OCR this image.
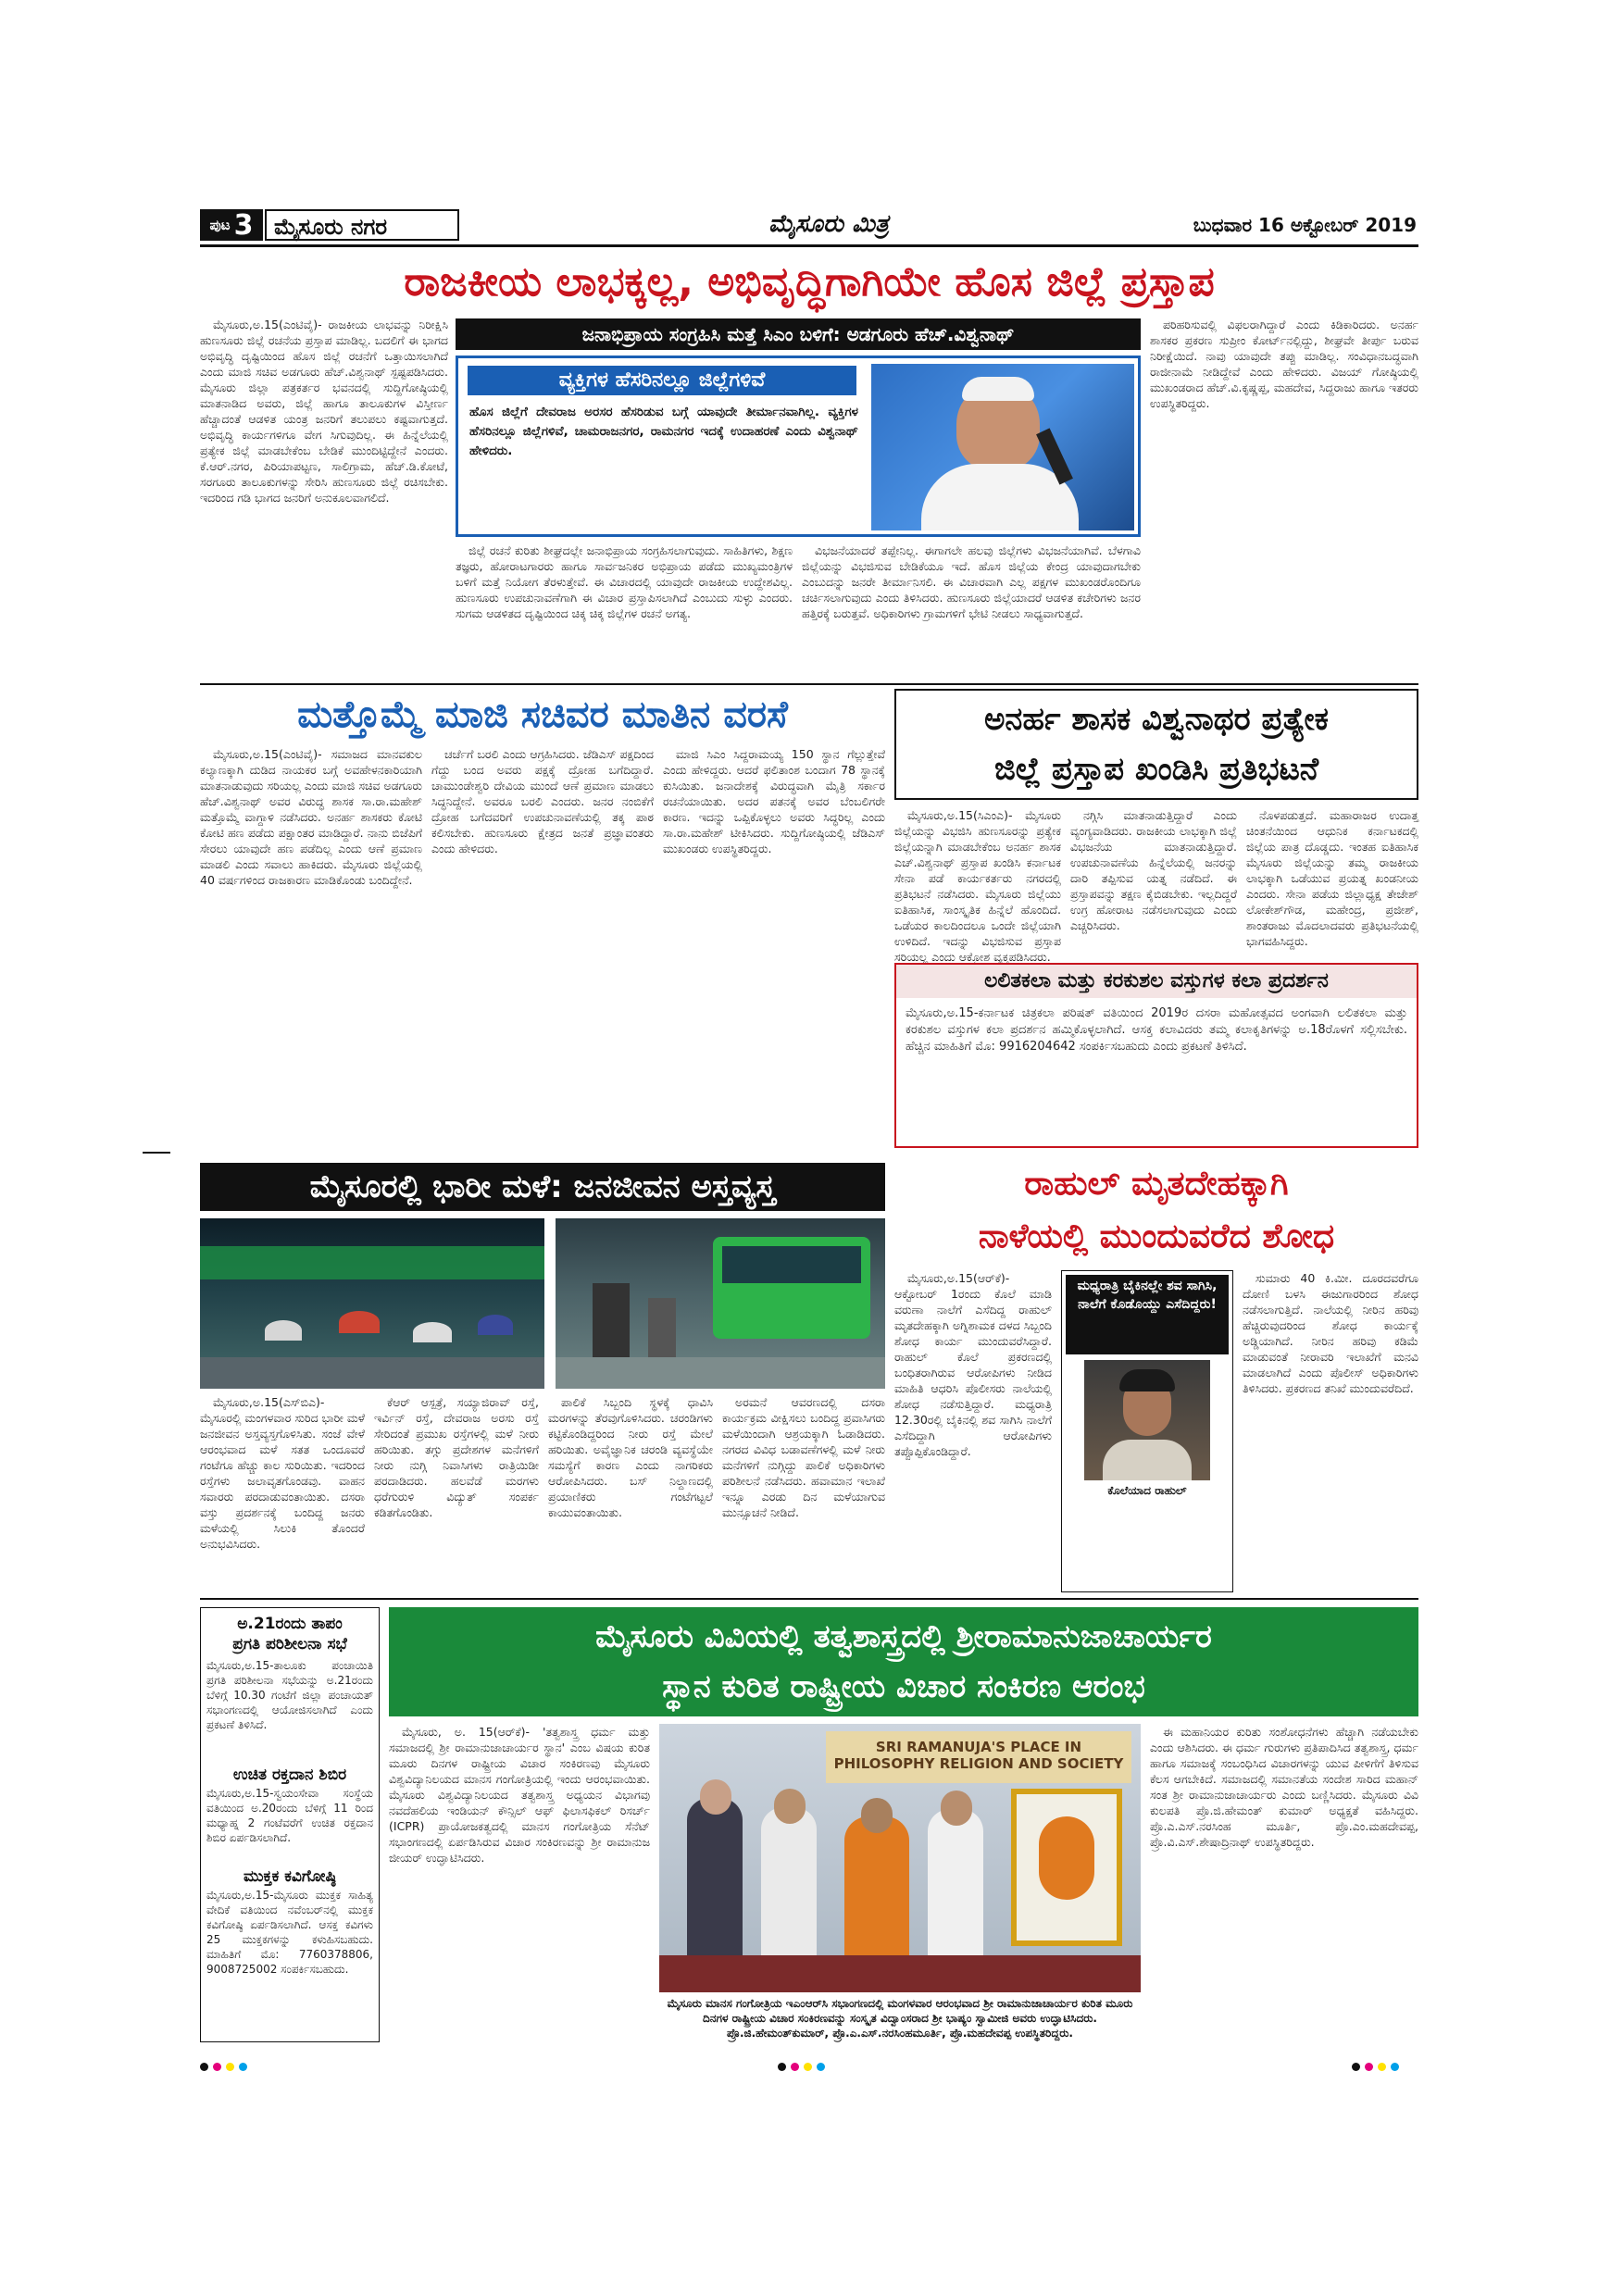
ಪುಟ 3 ಮೈಸೂರು ನಗರ	ಮೈಸೂರು ಮಿತ್ರ	ಬುಧವಾರ 16 ಅಕ್ಟೋಬರ್ 2019
ರಾಜಕೀಯ ಲಾಭಕ್ಕಲ್ಲ, ಅಭಿವೃದ್ಧಿಗಾಗಿಯೇ ಹೊಸ ಜಿಲ್ಲೆ ಪ್ರಸ್ತಾಪ

ಮೈಸೂರು,ಅ.15(ಎಂಟಿವೈ)- ರಾಜಕೀಯ ಲಾಭವನ್ನು ನಿರೀಕ್ಷಿಸಿ ಹುಣಸೂರು ಜಿಲ್ಲೆ ರಚನೆಯ ಪ್ರಸ್ತಾಪ ಮಾಡಿಲ್ಲ. ಬದಲಿಗೆ ಈ ಭಾಗದ ಅಭಿವೃದ್ಧಿ ದೃಷ್ಟಿಯಿಂದ ಹೊಸ ಜಿಲ್ಲೆ ರಚನೆಗೆ ಒತ್ತಾಯಿಸಲಾಗಿದೆ ಎಂದು ಮಾಜಿ ಸಚಿವ ಅಡಗೂರು ಹೆಚ್.ವಿಶ್ವನಾಥ್ ಸ್ಪಷ್ಟಪಡಿಸಿದರು. ಮೈಸೂರು ಜಿಲ್ಲಾ ಪತ್ರಕರ್ತರ ಭವನದಲ್ಲಿ ಸುದ್ದಿಗೋಷ್ಠಿಯಲ್ಲಿ ಮಾತನಾಡಿದ ಅವರು, ಜಿಲ್ಲೆ ಹಾಗೂ ತಾಲೂಕುಗಳ ವಿಸ್ತೀರ್ಣ ಹೆಚ್ಚಾದಂತೆ ಆಡಳಿತ ಯಂತ್ರ ಜನರಿಗೆ ತಲುಪಲು ಕಷ್ಟವಾಗುತ್ತದೆ. ಅಭಿವೃದ್ಧಿ ಕಾರ್ಯಗಳಿಗೂ ವೇಗ ಸಿಗುವುದಿಲ್ಲ. ಈ ಹಿನ್ನೆಲೆಯಲ್ಲಿ ಪ್ರತ್ಯೇಕ ಜಿಲ್ಲೆ ಮಾಡಬೇಕೆಂಬ ಬೇಡಿಕೆ ಮುಂದಿಟ್ಟಿದ್ದೇನೆ ಎಂದರು. ಕೆ.ಆರ್.ನಗರ, ಪಿರಿಯಾಪಟ್ಟಣ, ಸಾಲಿಗ್ರಾಮ, ಹೆಚ್.ಡಿ.ಕೋಟೆ, ಸರಗೂರು ತಾಲೂಕುಗಳನ್ನು ಸೇರಿಸಿ ಹುಣಸೂರು ಜಿಲ್ಲೆ ರಚಿಸಬೇಕು. ಇದರಿಂದ ಗಡಿ ಭಾಗದ ಜನರಿಗೆ ಅನುಕೂಲವಾಗಲಿದೆ.

ಜನಾಭಿಪ್ರಾಯ ಸಂಗ್ರಹಿಸಿ ಮತ್ತೆ ಸಿಎಂ ಬಳಿಗೆ: ಅಡಗೂರು ಹೆಚ್.ವಿಶ್ವನಾಥ್
ವ್ಯಕ್ತಿಗಳ ಹೆಸರಿನಲ್ಲೂ ಜಿಲ್ಲೆಗಳಿವೆ
ಹೊಸ ಜಿಲ್ಲೆಗೆ ದೇವರಾಜ ಅರಸರ ಹೆಸರಿಡುವ ಬಗ್ಗೆ ಯಾವುದೇ ತೀರ್ಮಾನವಾಗಿಲ್ಲ. ವ್ಯಕ್ತಿಗಳ ಹೆಸರಿನಲ್ಲೂ ಜಿಲ್ಲೆಗಳಿವೆ, ಚಾಮರಾಜನಗರ, ರಾಮನಗರ ಇದಕ್ಕೆ ಉದಾಹರಣೆ ಎಂದು ವಿಶ್ವನಾಥ್ ಹೇಳಿದರು.

ಜಿಲ್ಲೆ ರಚನೆ ಕುರಿತು ಶೀಘ್ರದಲ್ಲೇ ಜನಾಭಿಪ್ರಾಯ ಸಂಗ್ರಹಿಸಲಾಗುವುದು. ಸಾಹಿತಿಗಳು, ಶಿಕ್ಷಣ ತಜ್ಞರು, ಹೋರಾಟಗಾರರು ಹಾಗೂ ಸಾರ್ವಜನಿಕರ ಅಭಿಪ್ರಾಯ ಪಡೆದು ಮುಖ್ಯಮಂತ್ರಿಗಳ ಬಳಿಗೆ ಮತ್ತೆ ನಿಯೋಗ ತೆರಳುತ್ತೇವೆ. ಈ ವಿಚಾರದಲ್ಲಿ ಯಾವುದೇ ರಾಜಕೀಯ ಉದ್ದೇಶವಿಲ್ಲ. ಹುಣಸೂರು ಉಪಚುನಾವಣೆಗಾಗಿ ಈ ವಿಚಾರ ಪ್ರಸ್ತಾಪಿಸಲಾಗಿದೆ ಎಂಬುದು ಸುಳ್ಳು ಎಂದರು. ಸುಗಮ ಆಡಳಿತದ ದೃಷ್ಟಿಯಿಂದ ಚಿಕ್ಕ ಚಿಕ್ಕ ಜಿಲ್ಲೆಗಳ ರಚನೆ ಅಗತ್ಯ.

ವಿಭಜನೆಯಾದರೆ ತಪ್ಪೇನಿಲ್ಲ. ಈಗಾಗಲೇ ಹಲವು ಜಿಲ್ಲೆಗಳು ವಿಭಜನೆಯಾಗಿವೆ. ಬೆಳಗಾವಿ ಜಿಲ್ಲೆಯನ್ನು ವಿಭಜಿಸುವ ಬೇಡಿಕೆಯೂ ಇದೆ. ಹೊಸ ಜಿಲ್ಲೆಯ ಕೇಂದ್ರ ಯಾವುದಾಗಬೇಕು ಎಂಬುದನ್ನು ಜನರೇ ತೀರ್ಮಾನಿಸಲಿ. ಈ ವಿಚಾರವಾಗಿ ಎಲ್ಲ ಪಕ್ಷಗಳ ಮುಖಂಡರೊಂದಿಗೂ ಚರ್ಚಿಸಲಾಗುವುದು ಎಂದು ತಿಳಿಸಿದರು. ಹುಣಸೂರು ಜಿಲ್ಲೆಯಾದರೆ ಆಡಳಿತ ಕಚೇರಿಗಳು ಜನರ ಹತ್ತಿರಕ್ಕೆ ಬರುತ್ತವೆ. ಅಧಿಕಾರಿಗಳು ಗ್ರಾಮಗಳಿಗೆ ಭೇಟಿ ನೀಡಲು ಸಾಧ್ಯವಾಗುತ್ತದೆ.

ಪರಿಹರಿಸುವಲ್ಲಿ ವಿಫಲರಾಗಿದ್ದಾರೆ ಎಂದು ಕಿಡಿಕಾರಿದರು. ಅನರ್ಹ ಶಾಸಕರ ಪ್ರಕರಣ ಸುಪ್ರೀಂ ಕೋರ್ಟ್‌ನಲ್ಲಿದ್ದು, ಶೀಘ್ರವೇ ತೀರ್ಪು ಬರುವ ನಿರೀಕ್ಷೆಯಿದೆ. ನಾವು ಯಾವುದೇ ತಪ್ಪು ಮಾಡಿಲ್ಲ. ಸಂವಿಧಾನಬದ್ಧವಾಗಿ ರಾಜೀನಾಮೆ ನೀಡಿದ್ದೇವೆ ಎಂದು ಹೇಳಿದರು. ವಿಜಯ್ ಗೋಷ್ಠಿಯಲ್ಲಿ ಮುಖಂಡರಾದ ಹೆಚ್.ವಿ.ಕೃಷ್ಣಪ್ಪ, ಮಹದೇವ, ಸಿದ್ದರಾಜು ಹಾಗೂ ಇತರರು ಉಪಸ್ಥಿತರಿದ್ದರು.

ಮತ್ತೊಮ್ಮೆ ಮಾಜಿ ಸಚಿವರ ಮಾತಿನ ವರಸೆ

ಮೈಸೂರು,ಅ.15(ಎಂಟಿವೈ)- ಸಮಾಜದ ಮಾನವಕುಲ ಕಲ್ಯಾಣಕ್ಕಾಗಿ ದುಡಿದ ನಾಯಕರ ಬಗ್ಗೆ ಅವಹೇಳನಕಾರಿಯಾಗಿ ಮಾತನಾಡುವುದು ಸರಿಯಲ್ಲ ಎಂದು ಮಾಜಿ ಸಚಿವ ಅಡಗೂರು ಹೆಚ್.ವಿಶ್ವನಾಥ್ ಅವರ ವಿರುದ್ಧ ಶಾಸಕ ಸಾ.ರಾ.ಮಹೇಶ್ ಮತ್ತೊಮ್ಮೆ ವಾಗ್ದಾಳಿ ನಡೆಸಿದರು. ಅನರ್ಹ ಶಾಸಕರು ಕೋಟಿ ಕೋಟಿ ಹಣ ಪಡೆದು ಪಕ್ಷಾಂತರ ಮಾಡಿದ್ದಾರೆ. ನಾನು ಬಿಜೆಪಿಗೆ ಸೇರಲು ಯಾವುದೇ ಹಣ ಪಡೆದಿಲ್ಲ ಎಂದು ಆಣೆ ಪ್ರಮಾಣ ಮಾಡಲಿ ಎಂದು ಸವಾಲು ಹಾಕಿದರು. ಮೈಸೂರು ಜಿಲ್ಲೆಯಲ್ಲಿ 40 ವರ್ಷಗಳಿಂದ ರಾಜಕಾರಣ ಮಾಡಿಕೊಂಡು ಬಂದಿದ್ದೇನೆ.

ಚರ್ಚೆಗೆ ಬರಲಿ ಎಂದು ಆಗ್ರಹಿಸಿದರು. ಜೆಡಿಎಸ್ ಪಕ್ಷದಿಂದ ಗೆದ್ದು ಬಂದ ಅವರು ಪಕ್ಷಕ್ಕೆ ದ್ರೋಹ ಬಗೆದಿದ್ದಾರೆ. ಚಾಮುಂಡೇಶ್ವರಿ ದೇವಿಯ ಮುಂದೆ ಆಣೆ ಪ್ರಮಾಣ ಮಾಡಲು ಸಿದ್ಧನಿದ್ದೇನೆ. ಅವರೂ ಬರಲಿ ಎಂದರು. ಜನರ ನಂಬಿಕೆಗೆ ದ್ರೋಹ ಬಗೆದವರಿಗೆ ಉಪಚುನಾವಣೆಯಲ್ಲಿ ತಕ್ಕ ಪಾಠ ಕಲಿಸಬೇಕು. ಹುಣಸೂರು ಕ್ಷೇತ್ರದ ಜನತೆ ಪ್ರಜ್ಞಾವಂತರು ಎಂದು ಹೇಳಿದರು.

ಮಾಜಿ ಸಿಎಂ ಸಿದ್ದರಾಮಯ್ಯ 150 ಸ್ಥಾನ ಗೆಲ್ಲುತ್ತೇವೆ ಎಂದು ಹೇಳಿದ್ದರು. ಆದರೆ ಫಲಿತಾಂಶ ಬಂದಾಗ 78 ಸ್ಥಾನಕ್ಕೆ ಕುಸಿಯಿತು. ಜನಾದೇಶಕ್ಕೆ ವಿರುದ್ಧವಾಗಿ ಮೈತ್ರಿ ಸರ್ಕಾರ ರಚನೆಯಾಯಿತು. ಅದರ ಪತನಕ್ಕೆ ಅವರ ಬೆಂಬಲಿಗರೇ ಕಾರಣ. ಇದನ್ನು ಒಪ್ಪಿಕೊಳ್ಳಲು ಅವರು ಸಿದ್ಧರಿಲ್ಲ ಎಂದು ಸಾ.ರಾ.ಮಹೇಶ್ ಟೀಕಿಸಿದರು. ಸುದ್ದಿಗೋಷ್ಠಿಯಲ್ಲಿ ಜೆಡಿಎಸ್ ಮುಖಂಡರು ಉಪಸ್ಥಿತರಿದ್ದರು.

ಅನರ್ಹ ಶಾಸಕ ವಿಶ್ವನಾಥರ ಪ್ರತ್ಯೇಕ
ಜಿಲ್ಲೆ ಪ್ರಸ್ತಾಪ ಖಂಡಿಸಿ ಪ್ರತಿಭಟನೆ

ಮೈಸೂರು,ಅ.15(ಸಿಎಂಎ)- ಮೈಸೂರು ಜಿಲ್ಲೆಯನ್ನು ವಿಭಜಿಸಿ ಹುಣಸೂರನ್ನು ಪ್ರತ್ಯೇಕ ಜಿಲ್ಲೆಯನ್ನಾಗಿ ಮಾಡಬೇಕೆಂಬ ಅನರ್ಹ ಶಾಸಕ ಎಚ್.ವಿಶ್ವನಾಥ್ ಪ್ರಸ್ತಾಪ ಖಂಡಿಸಿ ಕರ್ನಾಟಕ ಸೇನಾ ಪಡೆ ಕಾರ್ಯಕರ್ತರು ನಗರದಲ್ಲಿ ಪ್ರತಿಭಟನೆ ನಡೆಸಿದರು. ಮೈಸೂರು ಜಿಲ್ಲೆಯು ಐತಿಹಾಸಿಕ, ಸಾಂಸ್ಕೃತಿಕ ಹಿನ್ನೆಲೆ ಹೊಂದಿದೆ. ಒಡೆಯರ ಕಾಲದಿಂದಲೂ ಒಂದೇ ಜಿಲ್ಲೆಯಾಗಿ ಉಳಿದಿದೆ. ಇದನ್ನು ವಿಭಜಿಸುವ ಪ್ರಸ್ತಾಪ ಸರಿಯಲ್ಲ ಎಂದು ಆಕ್ರೋಶ ವ್ಯಕ್ತಪಡಿಸಿದರು.

ನಗ್ಗಿಸಿ ಮಾತನಾಡುತ್ತಿದ್ದಾರೆ ಎಂದು ವ್ಯಂಗ್ಯವಾಡಿದರು. ರಾಜಕೀಯ ಲಾಭಕ್ಕಾಗಿ ಜಿಲ್ಲೆ ವಿಭಜನೆಯ ಮಾತನಾಡುತ್ತಿದ್ದಾರೆ. ಉಪಚುನಾವಣೆಯ ಹಿನ್ನೆಲೆಯಲ್ಲಿ ಜನರನ್ನು ದಾರಿ ತಪ್ಪಿಸುವ ಯತ್ನ ನಡೆದಿದೆ. ಈ ಪ್ರಸ್ತಾಪವನ್ನು ತಕ್ಷಣ ಕೈಬಿಡಬೇಕು. ಇಲ್ಲದಿದ್ದರೆ ಉಗ್ರ ಹೋರಾಟ ನಡೆಸಲಾಗುವುದು ಎಂದು ಎಚ್ಚರಿಸಿದರು.

ನೊಳಪಡುತ್ತದೆ. ಮಹಾರಾಜರ ಉದಾತ್ತ ಚಿಂತನೆಯಿಂದ ಆಧುನಿಕ ಕರ್ನಾಟಕದಲ್ಲಿ ಜಿಲ್ಲೆಯ ಪಾತ್ರ ದೊಡ್ಡದು. ಇಂತಹ ಐತಿಹಾಸಿಕ ಮೈಸೂರು ಜಿಲ್ಲೆಯನ್ನು ತಮ್ಮ ರಾಜಕೀಯ ಲಾಭಕ್ಕಾಗಿ ಒಡೆಯುವ ಪ್ರಯತ್ನ ಖಂಡನೀಯ ಎಂದರು. ಸೇನಾ ಪಡೆಯ ಜಿಲ್ಲಾಧ್ಯಕ್ಷ ತೇಜೇಶ್ ಲೋಕೇಶ್‌ಗೌಡ, ಮಹೇಂದ್ರ, ಪ್ರಜೀಶ್, ಶಾಂತರಾಜು ಮೊದಲಾದವರು ಪ್ರತಿಭಟನೆಯಲ್ಲಿ ಭಾಗವಹಿಸಿದ್ದರು.

ಲಲಿತಕಲಾ ಮತ್ತು ಕರಕುಶಲ ವಸ್ತುಗಳ ಕಲಾ ಪ್ರದರ್ಶನ
ಮೈಸೂರು,ಅ.15-ಕರ್ನಾಟಕ ಚಿತ್ರಕಲಾ ಪರಿಷತ್ ವತಿಯಿಂದ 2019ರ ದಸರಾ ಮಹೋತ್ಸವದ ಅಂಗವಾಗಿ ಲಲಿತಕಲಾ ಮತ್ತು ಕರಕುಶಲ ವಸ್ತುಗಳ ಕಲಾ ಪ್ರದರ್ಶನ ಹಮ್ಮಿಕೊಳ್ಳಲಾಗಿದೆ. ಆಸಕ್ತ ಕಲಾವಿದರು ತಮ್ಮ ಕಲಾಕೃತಿಗಳನ್ನು ಅ.18ರೊಳಗೆ ಸಲ್ಲಿಸಬೇಕು. ಹೆಚ್ಚಿನ ಮಾಹಿತಿಗೆ ಮೊ: 9916204642 ಸಂಪರ್ಕಿಸಬಹುದು ಎಂದು ಪ್ರಕಟಣೆ ತಿಳಿಸಿದೆ.
ಮೈಸೂರಲ್ಲಿ ಭಾರೀ ಮಳೆ: ಜನಜೀವನ ಅಸ್ತವ್ಯಸ್ತ

ಮೈಸೂರು,ಅ.15(ಎಸ್‌ಬಿಎ)- ಮೈಸೂರಲ್ಲಿ ಮಂಗಳವಾರ ಸುರಿದ ಭಾರೀ ಮಳೆ ಜನಜೀವನ ಅಸ್ತವ್ಯಸ್ತಗೊಳಿಸಿತು. ಸಂಜೆ ವೇಳೆ ಆರಂಭವಾದ ಮಳೆ ಸತತ ಒಂದೂವರೆ ಗಂಟೆಗೂ ಹೆಚ್ಚು ಕಾಲ ಸುರಿಯಿತು. ಇದರಿಂದ ರಸ್ತೆಗಳು ಜಲಾವೃತಗೊಂಡವು. ವಾಹನ ಸವಾರರು ಪರದಾಡುವಂತಾಯಿತು. ದಸರಾ ವಸ್ತು ಪ್ರದರ್ಶನಕ್ಕೆ ಬಂದಿದ್ದ ಜನರು ಮಳೆಯಲ್ಲಿ ಸಿಲುಕಿ ತೊಂದರೆ ಅನುಭವಿಸಿದರು.

ಕೆಆರ್ ಆಸ್ಪತ್ರೆ, ಸಯ್ಯಾಜಿರಾವ್ ರಸ್ತೆ, ಇರ್ವಿನ್ ರಸ್ತೆ, ದೇವರಾಜ ಅರಸು ರಸ್ತೆ ಸೇರಿದಂತೆ ಪ್ರಮುಖ ರಸ್ತೆಗಳಲ್ಲಿ ಮಳೆ ನೀರು ಹರಿಯಿತು. ತಗ್ಗು ಪ್ರದೇಶಗಳ ಮನೆಗಳಿಗೆ ನೀರು ನುಗ್ಗಿ ನಿವಾಸಿಗಳು ರಾತ್ರಿಯಿಡೀ ಪರದಾಡಿದರು. ಹಲವೆಡೆ ಮರಗಳು ಧರೆಗುರುಳಿ ವಿದ್ಯುತ್ ಸಂಪರ್ಕ ಕಡಿತಗೊಂಡಿತು.

ಪಾಲಿಕೆ ಸಿಬ್ಬಂದಿ ಸ್ಥಳಕ್ಕೆ ಧಾವಿಸಿ ಮರಗಳನ್ನು ತೆರವುಗೊಳಿಸಿದರು. ಚರಂಡಿಗಳು ಕಟ್ಟಿಕೊಂಡಿದ್ದರಿಂದ ನೀರು ರಸ್ತೆ ಮೇಲೆ ಹರಿಯಿತು. ಅವೈಜ್ಞಾನಿಕ ಚರಂಡಿ ವ್ಯವಸ್ಥೆಯೇ ಸಮಸ್ಯೆಗೆ ಕಾರಣ ಎಂದು ನಾಗರಿಕರು ಆರೋಪಿಸಿದರು. ಬಸ್ ನಿಲ್ದಾಣದಲ್ಲಿ ಪ್ರಯಾಣಿಕರು ಗಂಟೆಗಟ್ಟಲೆ ಕಾಯುವಂತಾಯಿತು.

ಅರಮನೆ ಆವರಣದಲ್ಲಿ ದಸರಾ ಕಾರ್ಯಕ್ರಮ ವೀಕ್ಷಿಸಲು ಬಂದಿದ್ದ ಪ್ರವಾಸಿಗರು ಮಳೆಯಿಂದಾಗಿ ಆಶ್ರಯಕ್ಕಾಗಿ ಓಡಾಡಿದರು. ನಗರದ ವಿವಿಧ ಬಡಾವಣೆಗಳಲ್ಲಿ ಮಳೆ ನೀರು ಮನೆಗಳಿಗೆ ನುಗ್ಗಿದ್ದು ಪಾಲಿಕೆ ಅಧಿಕಾರಿಗಳು ಪರಿಶೀಲನೆ ನಡೆಸಿದರು. ಹವಾಮಾನ ಇಲಾಖೆ ಇನ್ನೂ ಎರಡು ದಿನ ಮಳೆಯಾಗುವ ಮುನ್ಸೂಚನೆ ನೀಡಿದೆ.

ರಾಹುಲ್ ಮೃತದೇಹಕ್ಕಾಗಿ
ನಾಳೆಯಲ್ಲಿ ಮುಂದುವರೆದ ಶೋಧ

ಮೈಸೂರು,ಅ.15(ಆರ್‌ಕೆ)- ಆಕ್ಟೋಬರ್ 1ರಂದು ಕೊಲೆ ಮಾಡಿ ವರುಣಾ ನಾಲೆಗೆ ಎಸೆದಿದ್ದ ರಾಹುಲ್ ಮೃತದೇಹಕ್ಕಾಗಿ ಅಗ್ನಿಶಾಮಕ ದಳದ ಸಿಬ್ಬಂದಿ ಶೋಧ ಕಾರ್ಯ ಮುಂದುವರೆಸಿದ್ದಾರೆ. ರಾಹುಲ್ ಕೊಲೆ ಪ್ರಕರಣದಲ್ಲಿ ಬಂಧಿತರಾಗಿರುವ ಆರೋಪಿಗಳು ನೀಡಿದ ಮಾಹಿತಿ ಆಧರಿಸಿ ಪೊಲೀಸರು ನಾಲೆಯಲ್ಲಿ ಶೋಧ ನಡೆಸುತ್ತಿದ್ದಾರೆ. ಮಧ್ಯರಾತ್ರಿ 12.30ರಲ್ಲಿ ಬೈಕಿನಲ್ಲಿ ಶವ ಸಾಗಿಸಿ ನಾಲೆಗೆ ಎಸೆದಿದ್ದಾಗಿ ಆರೋಪಿಗಳು ತಪ್ಪೊಪ್ಪಿಕೊಂಡಿದ್ದಾರೆ.

ಮಧ್ಯರಾತ್ರಿ ಬೈಕಿನಲ್ಲೇ ಶವ ಸಾಗಿಸಿ, ನಾಲೆಗೆ ಕೊಡೊಯ್ದು ಎಸೆದಿದ್ದರು!
ಕೊಲೆಯಾದ ರಾಹುಲ್

ಸುಮಾರು 40 ಕಿ.ಮೀ. ದೂರದವರೆಗೂ ದೋಣಿ ಬಳಸಿ ಈಜುಗಾರರಿಂದ ಶೋಧ ನಡೆಸಲಾಗುತ್ತಿದೆ. ನಾಲೆಯಲ್ಲಿ ನೀರಿನ ಹರಿವು ಹೆಚ್ಚಿರುವುದರಿಂದ ಶೋಧ ಕಾರ್ಯಕ್ಕೆ ಅಡ್ಡಿಯಾಗಿದೆ. ನೀರಿನ ಹರಿವು ಕಡಿಮೆ ಮಾಡುವಂತೆ ನೀರಾವರಿ ಇಲಾಖೆಗೆ ಮನವಿ ಮಾಡಲಾಗಿದೆ ಎಂದು ಪೊಲೀಸ್ ಅಧಿಕಾರಿಗಳು ತಿಳಿಸಿದರು. ಪ್ರಕರಣದ ತನಿಖೆ ಮುಂದುವರೆದಿದೆ.

ಅ.21ರಂದು ತಾಪಂ
ಪ್ರಗತಿ ಪರಿಶೀಲನಾ ಸಭೆ
ಮೈಸೂರು,ಅ.15-ತಾಲೂಕು ಪಂಚಾಯಿತಿ ಪ್ರಗತಿ ಪರಿಶೀಲನಾ ಸಭೆಯನ್ನು ಅ.21ರಂದು ಬೆಳಿಗ್ಗೆ 10.30 ಗಂಟೆಗೆ ಜಿಲ್ಲಾ ಪಂಚಾಯತ್ ಸಭಾಂಗಣದಲ್ಲಿ ಆಯೋಜಿಸಲಾಗಿದೆ ಎಂದು ಪ್ರಕಟಣೆ ತಿಳಿಸಿದೆ.
ಉಚಿತ ರಕ್ತದಾನ ಶಿಬಿರ
ಮೈಸೂರು,ಅ.15-ಸ್ವಯಂಸೇವಾ ಸಂಸ್ಥೆಯ ವತಿಯಿಂದ ಅ.20ರಂದು ಬೆಳಿಗ್ಗೆ 11 ರಿಂದ ಮಧ್ಯಾಹ್ನ 2 ಗಂಟೆವರೆಗೆ ಉಚಿತ ರಕ್ತದಾನ ಶಿಬಿರ ಏರ್ಪಡಿಸಲಾಗಿದೆ.
ಮುಕ್ತಕ ಕವಿಗೋಷ್ಠಿ
ಮೈಸೂರು,ಅ.15-ಮೈಸೂರು ಮುಕ್ತಕ ಸಾಹಿತ್ಯ ವೇದಿಕೆ ವತಿಯಿಂದ ನವೆಂಬರ್‌ನಲ್ಲಿ ಮುಕ್ತಕ ಕವಿಗೋಷ್ಠಿ ಏರ್ಪಡಿಸಲಾಗಿದೆ. ಆಸಕ್ತ ಕವಿಗಳು 25 ಮುಕ್ತಕಗಳನ್ನು ಕಳುಹಿಸಬಹುದು. ಮಾಹಿತಿಗೆ ಮೊ: 7760378806, 9008725002 ಸಂಪರ್ಕಿಸಬಹುದು.
ಮೈಸೂರು ವಿವಿಯಲ್ಲಿ ತತ್ವಶಾಸ್ತ್ರದಲ್ಲಿ ಶ್ರೀರಾಮಾನುಜಾಚಾರ್ಯರ
ಸ್ಥಾನ ಕುರಿತ ರಾಷ್ಟ್ರೀಯ ವಿಚಾರ ಸಂಕಿರಣ ಆರಂಭ

ಮೈಸೂರು, ಅ. 15(ಆರ್‌ಕೆ)- 'ತತ್ವಶಾಸ್ತ್ರ ಧರ್ಮ ಮತ್ತು ಸಮಾಜದಲ್ಲಿ ಶ್ರೀ ರಾಮಾನುಜಾಚಾರ್ಯರ ಸ್ಥಾನ' ಎಂಬ ವಿಷಯ ಕುರಿತ ಮೂರು ದಿನಗಳ ರಾಷ್ಟ್ರೀಯ ವಿಚಾರ ಸಂಕಿರಣವು ಮೈಸೂರು ವಿಶ್ವವಿದ್ಯಾನಿಲಯದ ಮಾನಸ ಗಂಗೋತ್ರಿಯಲ್ಲಿ ಇಂದು ಆರಂಭವಾಯಿತು. ಮೈಸೂರು ವಿಶ್ವವಿದ್ಯಾನಿಲಯದ ತತ್ವಶಾಸ್ತ್ರ ಅಧ್ಯಯನ ವಿಭಾಗವು ನವದೆಹಲಿಯ ಇಂಡಿಯನ್ ಕೌನ್ಸಿಲ್ ಆಫ್ ಫಿಲಾಸಫಿಕಲ್ ರಿಸರ್ಚ್ (ICPR) ಪ್ರಾಯೋಜಕತ್ವದಲ್ಲಿ ಮಾನಸ ಗಂಗೋತ್ರಿಯ ಸೆನೆಟ್ ಸಭಾಂಗಣದಲ್ಲಿ ಏರ್ಪಡಿಸಿರುವ ವಿಚಾರ ಸಂಕಿರಣವನ್ನು ಶ್ರೀ ರಾಮಾನುಜ ಜೀಯರ್ ಉದ್ಘಾಟಿಸಿದರು.

SRI RAMANUJA'S PLACE IN PHILOSOPHY RELIGION AND SOCIETY
ಮೈಸೂರು ಮಾನಸ ಗಂಗೋತ್ರಿಯ ಇಎಂಆರ್‌ಸಿ ಸಭಾಂಗಣದಲ್ಲಿ ಮಂಗಳವಾರ ಆರಂಭವಾದ ಶ್ರೀ ರಾಮಾನುಜಾಚಾರ್ಯರ ಕುರಿತ ಮೂರು ದಿನಗಳ ರಾಷ್ಟ್ರೀಯ ವಿಚಾರ ಸಂಕಿರಣವನ್ನು ಸಂಸ್ಕೃತ ವಿದ್ವಾಂಸರಾದ ಶ್ರೀ ಭಾಷ್ಯಂ ಸ್ವಾಮೀಜಿ ಅವರು ಉದ್ಘಾಟಿಸಿದರು. ಪ್ರೊ.ಜಿ.ಹೇಮಂತ್‌ಕುಮಾರ್, ಪ್ರೊ.ಎ.ಎಸ್.ನರಸಿಂಹಮೂರ್ತಿ, ಪ್ರೊ.ಮಹದೇವಪ್ಪ ಉಪಸ್ಥಿತರಿದ್ದರು.

ಈ ಮಹಾನಿಯರ ಕುರಿತು ಸಂಶೋಧನೆಗಳು ಹೆಚ್ಚಾಗಿ ನಡೆಯಬೇಕು ಎಂದು ಆಶಿಸಿದರು. ಈ ಧರ್ಮ ಗುರುಗಳು ಪ್ರತಿಪಾದಿಸಿದ ತತ್ವಶಾಸ್ತ್ರ, ಧರ್ಮ ಹಾಗೂ ಸಮಾಜಕ್ಕೆ ಸಂಬಂಧಿಸಿದ ವಿಚಾರಗಳನ್ನು ಯುವ ಪೀಳಿಗೆಗೆ ತಿಳಿಸುವ ಕೆಲಸ ಆಗಬೇಕಿದೆ. ಸಮಾಜದಲ್ಲಿ ಸಮಾನತೆಯ ಸಂದೇಶ ಸಾರಿದ ಮಹಾನ್ ಸಂತ ಶ್ರೀ ರಾಮಾನುಜಾಚಾರ್ಯರು ಎಂದು ಬಣ್ಣಿಸಿದರು. ಮೈಸೂರು ವಿವಿ ಕುಲಪತಿ ಪ್ರೊ.ಜಿ.ಹೇಮಂತ್ ಕುಮಾರ್ ಅಧ್ಯಕ್ಷತೆ ವಹಿಸಿದ್ದರು. ಪ್ರೊ.ಎ.ಎಸ್.ನರಸಿಂಹ ಮೂರ್ತಿ, ಪ್ರೊ.ಎಂ.ಮಹದೇವಪ್ಪ, ಪ್ರೊ.ವಿ.ಎಸ್.ಶೇಷಾದ್ರಿನಾಥ್ ಉಪಸ್ಥಿತರಿದ್ದರು.
